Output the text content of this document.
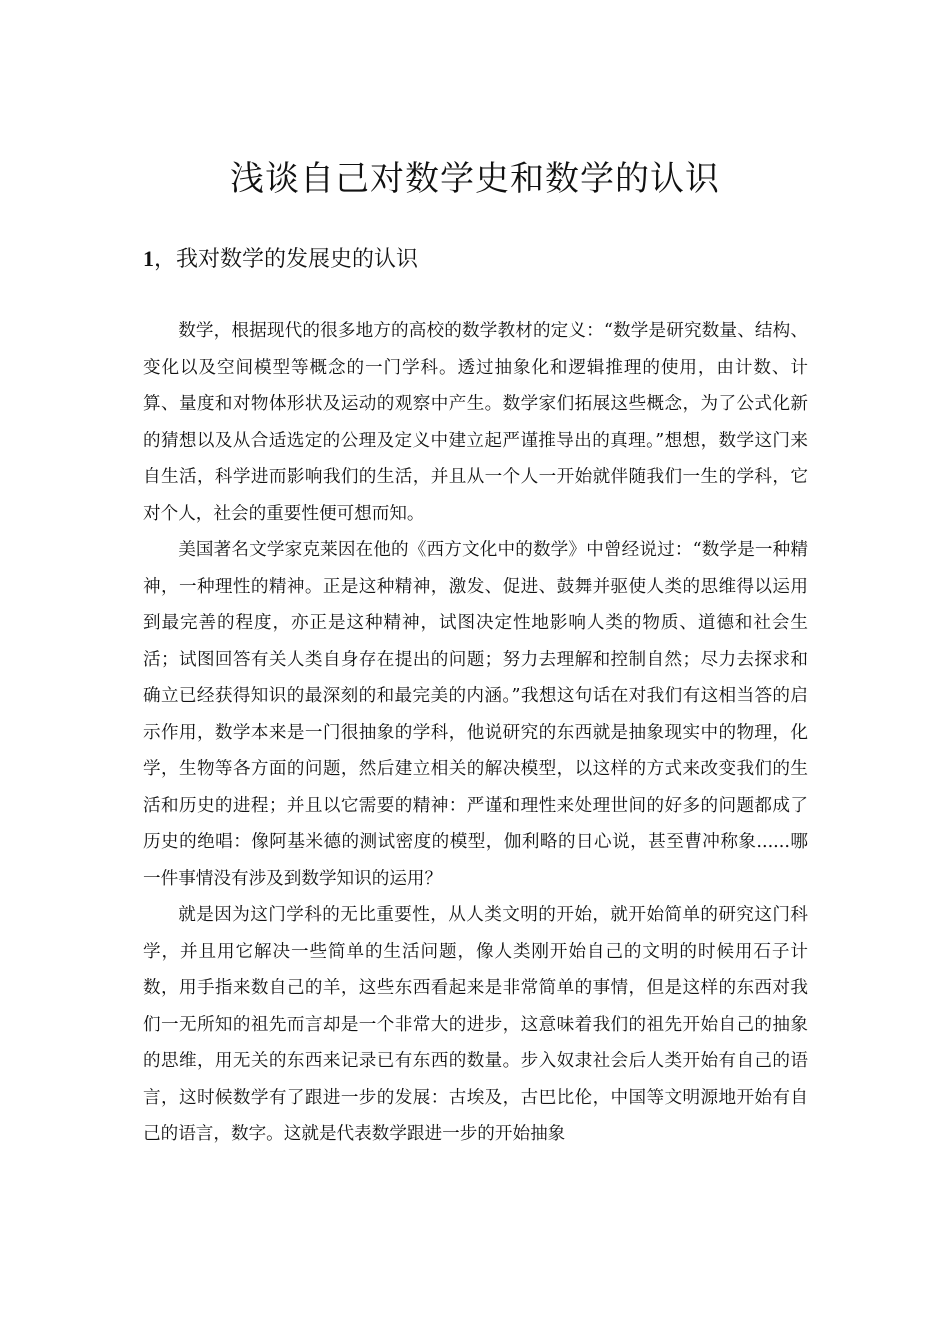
浅谈自己对数学史和数学的认识
1，我对数学的发展史的认识

数学，根据现代的很多地方的高校的数学教材的定义：“数学是研究数量、结构、变化以及空间模型等概念的一门学科。透过抽象化和逻辑推理的使用，由计数、计算、量度和对物体形状及运动的观察中产生。数学家们拓展这些概念，为了公式化新的猜想以及从合适选定的公理及定义中建立起严谨推导出的真理。”想想，数学这门来自生活，科学进而影响我们的生活，并且从一个人一开始就伴随我们一生的学科，它对个人，社会的重要性便可想而知。

美国著名文学家克莱因在他的《西方文化中的数学》中曾经说过：“数学是一种精神，一种理性的精神。正是这种精神，激发、促进、鼓舞并驱使人类的思维得以运用到最完善的程度，亦正是这种精神，试图决定性地影响人类的物质、道德和社会生活；试图回答有关人类自身存在提出的问题；努力去理解和控制自然；尽力去探求和确立已经获得知识的最深刻的和最完美的内涵。”我想这句话在对我们有这相当答的启示作用，数学本来是一门很抽象的学科，他说研究的东西就是抽象现实中的物理，化学，生物等各方面的问题，然后建立相关的解决模型，以这样的方式来改变我们的生活和历史的进程；并且以它需要的精神：严谨和理性来处理世间的好多的问题都成了历史的绝唱：像阿基米德的测试密度的模型，伽利略的日心说，甚至曹冲称象......哪一件事情没有涉及到数学知识的运用？

就是因为这门学科的无比重要性，从人类文明的开始，就开始简单的研究这门科学，并且用它解决一些简单的生活问题，像人类刚开始自己的文明的时候用石子计数，用手指来数自己的羊，这些东西看起来是非常简单的事情，但是这样的东西对我们一无所知的祖先而言却是一个非常大的进步，这意味着我们的祖先开始自己的抽象的思维，用无关的东西来记录已有东西的数量。步入奴隶社会后人类开始有自己的语言，这时候数学有了跟进一步的发展：古埃及，古巴比伦，中国等文明源地开始有自己的语言，数字。这就是代表数学跟进一步的开始抽象
